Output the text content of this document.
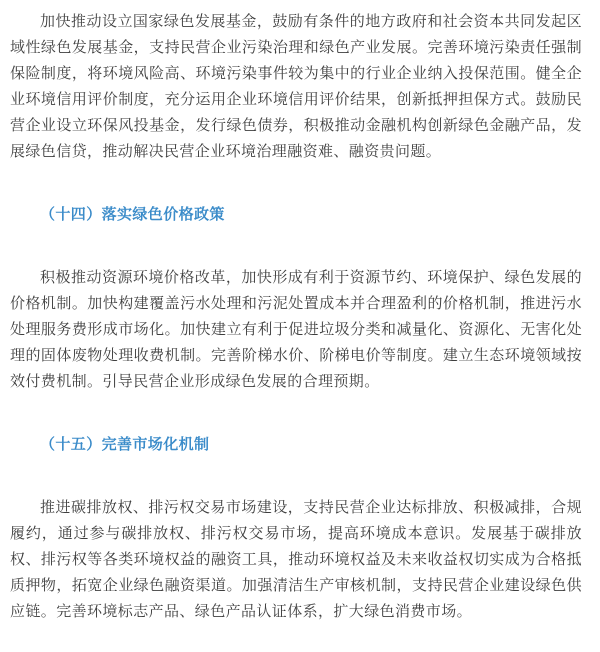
加快推动设立国家绿色发展基金，鼓励有条件的地方政府和社会资本共同发起区域性绿色发展基金，支持民营企业污染治理和绿色产业发展。完善环境污染责任强制保险制度，将环境风险高、环境污染事件较为集中的行业企业纳入投保范围。健全企业环境信用评价制度，充分运用企业环境信用评价结果，创新抵押担保方式。鼓励民营企业设立环保风投基金，发行绿色债券，积极推动金融机构创新绿色金融产品，发展绿色信贷，推动解决民营企业环境治理融资难、融资贵问题。

（十四）落实绿色价格政策

积极推动资源环境价格改革，加快形成有利于资源节约、环境保护、绿色发展的价格机制。加快构建覆盖污水处理和污泥处置成本并合理盈利的价格机制，推进污水处理服务费形成市场化。加快建立有利于促进垃圾分类和减量化、资源化、无害化处理的固体废物处理收费机制。完善阶梯水价、阶梯电价等制度。建立生态环境领域按效付费机制。引导民营企业形成绿色发展的合理预期。

（十五）完善市场化机制

推进碳排放权、排污权交易市场建设，支持民营企业达标排放、积极减排，合规履约，通过参与碳排放权、排污权交易市场，提高环境成本意识。发展基于碳排放权、排污权等各类环境权益的融资工具，推动环境权益及未来收益权切实成为合格抵质押物，拓宽企业绿色融资渠道。加强清洁生产审核机制，支持民营企业建设绿色供应链。完善环境标志产品、绿色产品认证体系，扩大绿色消费市场。
